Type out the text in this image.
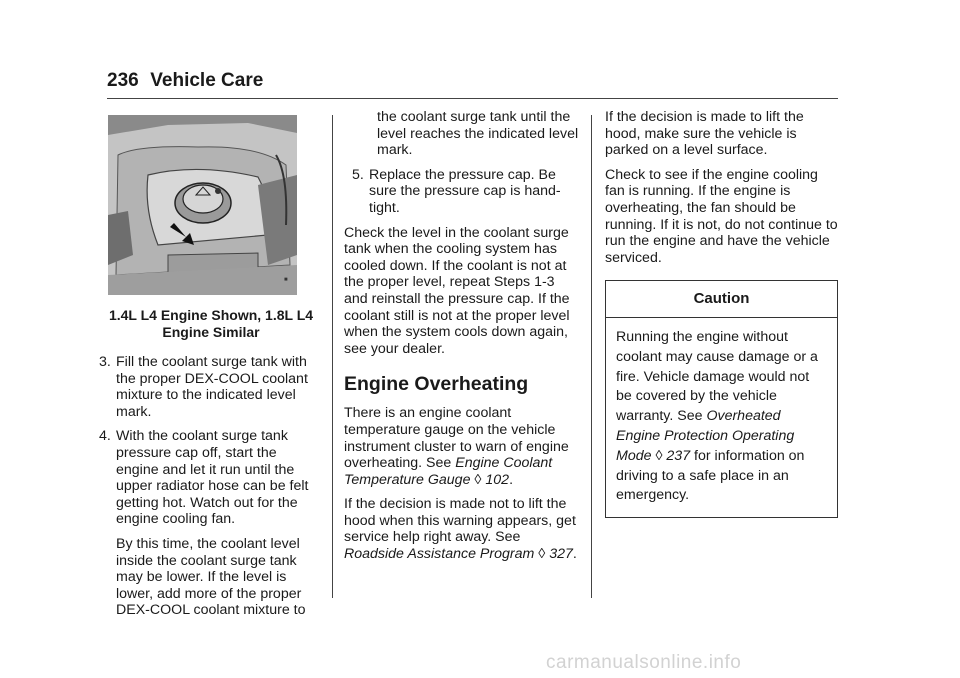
236 Vehicle Care
■
1.4L L4 Engine Shown, 1.8L L4
Engine Similar

3. Fill the coolant surge tank with the proper DEX-COOL coolant mixture to the indicated level mark.

4. With the coolant surge tank pressure cap off, start the engine and let it run until the upper radiator hose can be felt getting hot. Watch out for the engine cooling fan.

By this time, the coolant level inside the coolant surge tank may be lower. If the level is lower, add more of the proper DEX-COOL coolant mixture to

the coolant surge tank until the level reaches the indicated level mark.

5. Replace the pressure cap. Be sure the pressure cap is hand-tight.

Check the level in the coolant surge tank when the cooling system has cooled down. If the coolant is not at the proper level, repeat Steps 1-3 and reinstall the pressure cap. If the coolant still is not at the proper level when the system cools down again, see your dealer.

Engine Overheating

There is an engine coolant temperature gauge on the vehicle instrument cluster to warn of engine overheating. See Engine Coolant Temperature Gauge ◊ 102.

If the decision is made not to lift the hood when this warning appears, get service help right away. See Roadside Assistance Program ◊ 327.

If the decision is made to lift the hood, make sure the vehicle is parked on a level surface.

Check to see if the engine cooling fan is running. If the engine is overheating, the fan should be running. If it is not, do not continue to run the engine and have the vehicle serviced.

Caution
Running the engine without coolant may cause damage or a fire. Vehicle damage would not be covered by the vehicle warranty. See Overheated Engine Protection Operating Mode ◊ 237 for information on driving to a safe place in an emergency.
carmanualsonline.info
